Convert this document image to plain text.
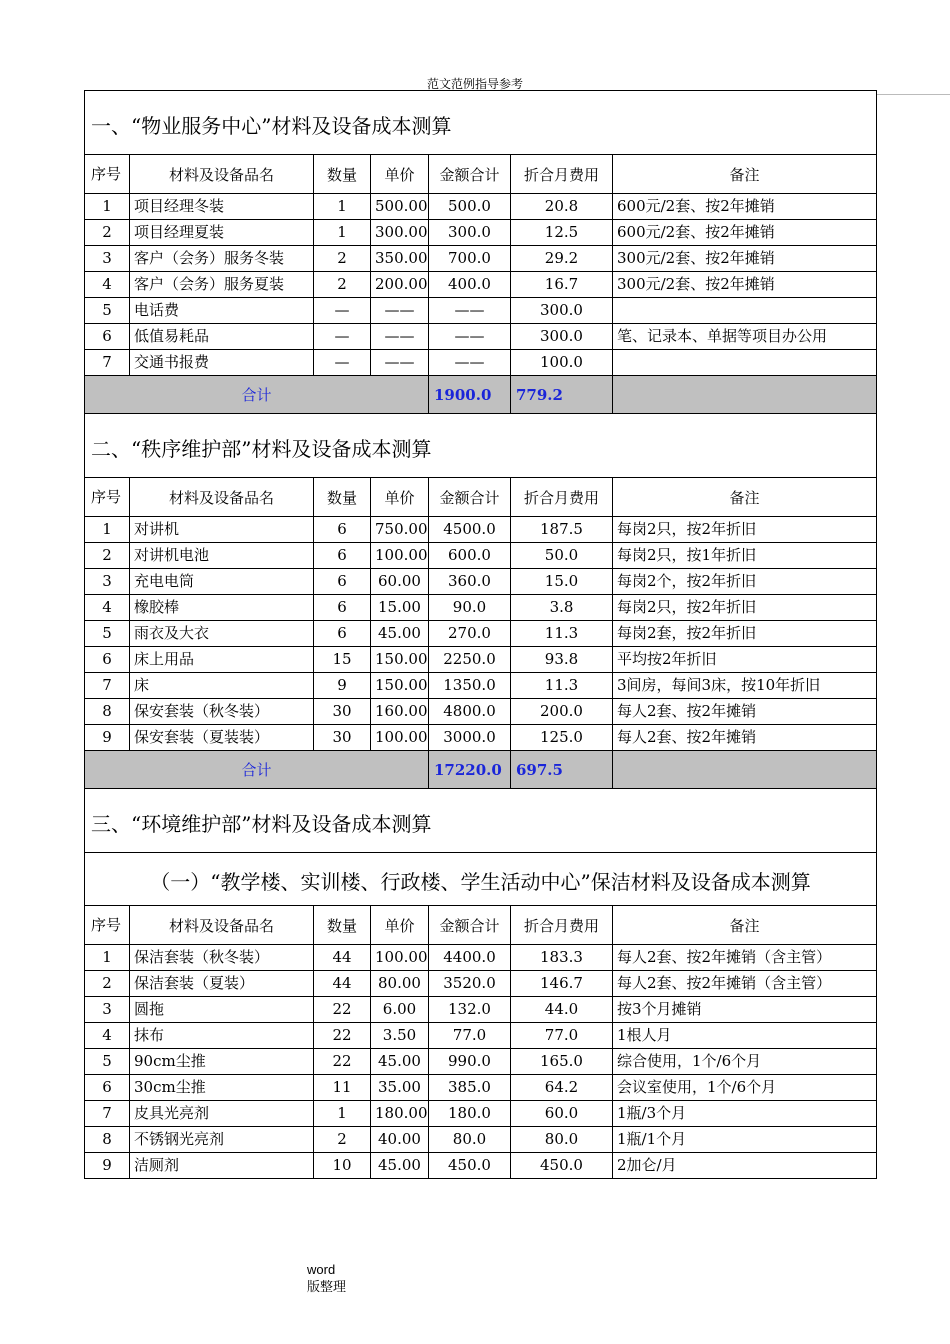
范文范例指导参考
一、“物业服务中心”材料及设备成本测算						
序号	材料及设备品名	数量	单价	金额合计	折合月费用	备注
1	项目经理冬装	1	500.00	500.0	20.8	600元/2套、按2年摊销
2	项目经理夏装	1	300.00	300.0	12.5	600元/2套、按2年摊销
3	客户（会务）服务冬装	2	350.00	700.0	29.2	300元/2套、按2年摊销
4	客户（会务）服务夏装	2	200.00	400.0	16.7	300元/2套、按2年摊销
5	电话费	—	——	——	300.0	
6	低值易耗品	—	——	——	300.0	笔、记录本、单据等项目办公用
7	交通书报费	—	——	——	100.0	
合计				1900.0	779.2	
二、“秩序维护部”材料及设备成本测算						
序号	材料及设备品名	数量	单价	金额合计	折合月费用	备注
1	对讲机	6	750.00	4500.0	187.5	每岗2只，按2年折旧
2	对讲机电池	6	100.00	600.0	50.0	每岗2只，按1年折旧
3	充电电筒	6	60.00	360.0	15.0	每岗2个，按2年折旧
4	橡胶棒	6	15.00	90.0	3.8	每岗2只，按2年折旧
5	雨衣及大衣	6	45.00	270.0	11.3	每岗2套，按2年折旧
6	床上用品	15	150.00	2250.0	93.8	平均按2年折旧
7	床	9	150.00	1350.0	11.3	3间房，每间3床，按10年折旧
8	保安套装（秋冬装）	30	160.00	4800.0	200.0	每人2套、按2年摊销
9	保安套装（夏装装）	30	100.00	3000.0	125.0	每人2套、按2年摊销
合计				17220.0	697.5	
三、“环境维护部”材料及设备成本测算						
（一）“教学楼、实训楼、行政楼、学生活动中心”保洁材料及设备成本测算						
序号	材料及设备品名	数量	单价	金额合计	折合月费用	备注
1	保洁套装（秋冬装）	44	100.00	4400.0	183.3	每人2套、按2年摊销（含主管）
2	保洁套装（夏装）	44	80.00	3520.0	146.7	每人2套、按2年摊销（含主管）
3	圆拖	22	6.00	132.0	44.0	按3个月摊销
4	抹布	22	3.50	77.0	77.0	1根人月
5	90cm尘推	22	45.00	990.0	165.0	综合使用，1个/6个月
6	30cm尘推	11	35.00	385.0	64.2	会议室使用，1个/6个月
7	皮具光亮剂	1	180.00	180.0	60.0	1瓶/3个月
8	不锈钢光亮剂	2	40.00	80.0	80.0	1瓶/1个月
9	洁厕剂	10	45.00	450.0	450.0	2加仑/月
word
版整理
